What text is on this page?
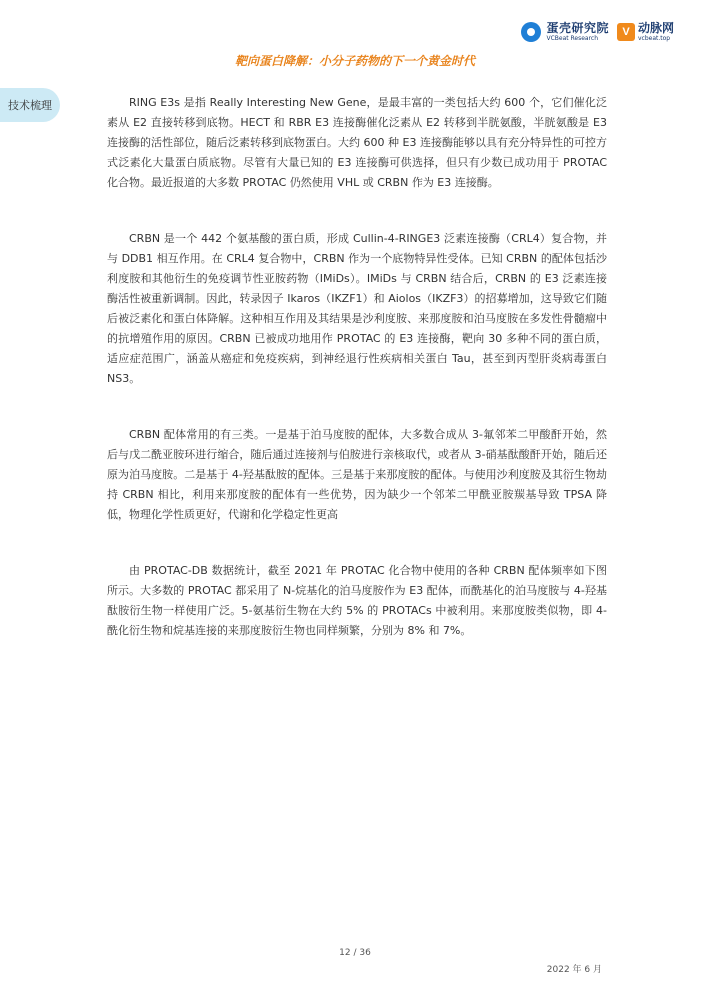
蛋壳研究院
VCBeat Research
V 动脉网
vcbeat.top
靶向蛋白降解：小分子药物的下一个黄金时代
技术梳理	RING E3s 是指 Really Interesting New Gene，是最丰富的一类包括大约 600 个，它们催化泛素从 E2 直接转移到底物。HECT 和 RBR E3 连接酶催化泛素从 E2 转移到半胱氨酸，半胱氨酸是 E3 连接酶的活性部位，随后泛素转移到底物蛋白。大约 600 种 E3 连接酶能够以具有充分特异性的可控方式泛素化大量蛋白质底物。尽管有大量已知的 E3 连接酶可供选择，但只有少数已成功用于 PROTAC 化合物。最近报道的大多数 PROTAC 仍然使用 VHL 或 CRBN 作为 E3 连接酶。

CRBN 是一个 442 个氨基酸的蛋白质，形成 Cullin-4-RINGE3 泛素连接酶（CRL4）复合物，并与 DDB1 相互作用。在 CRL4 复合物中，CRBN 作为一个底物特异性受体。已知 CRBN 的配体包括沙利度胺和其他衍生的免疫调节性亚胺药物（IMiDs）。IMiDs 与 CRBN 结合后，CRBN 的 E3 泛素连接酶活性被重新调制。因此，转录因子 Ikaros（IKZF1）和 Aiolos（IKZF3）的招募增加，这导致它们随后被泛素化和蛋白体降解。这种相互作用及其结果是沙利度胺、来那度胺和泊马度胺在多发性骨髓瘤中的抗增殖作用的原因。CRBN 已被成功地用作 PROTAC 的 E3 连接酶，靶向 30 多种不同的蛋白质，适应症范围广，涵盖从癌症和免疫疾病，到神经退行性疾病相关蛋白 Tau，甚至到丙型肝炎病毒蛋白 NS3。

CRBN 配体常用的有三类。一是基于泊马度胺的配体，大多数合成从 3-氟邻苯二甲酸酐开始，然后与戊二酰亚胺环进行缩合，随后通过连接剂与伯胺进行亲核取代，或者从 3-硝基酞酸酐开始，随后还原为泊马度胺。二是基于 4-羟基酞胺的配体。三是基于来那度胺的配体。与使用沙利度胺及其衍生物劫持 CRBN 相比，利用来那度胺的配体有一些优势，因为缺少一个邻苯二甲酰亚胺羰基导致 TPSA 降低，物理化学性质更好，代谢和化学稳定性更高

由 PROTAC-DB 数据统计，截至 2021 年 PROTAC 化合物中使用的各种 CRBN 配体频率如下图所示。大多数的 PROTAC 都采用了 N-烷基化的泊马度胺作为 E3 配体，而酰基化的泊马度胺与 4-羟基酞胺衍生物一样使用广泛。5-氨基衍生物在大约 5% 的 PROTACs 中被利用。来那度胺类似物，即 4-酰化衍生物和烷基连接的来那度胺衍生物也同样频繁，分别为 8% 和 7%。

12 / 36
2022 年 6 月
